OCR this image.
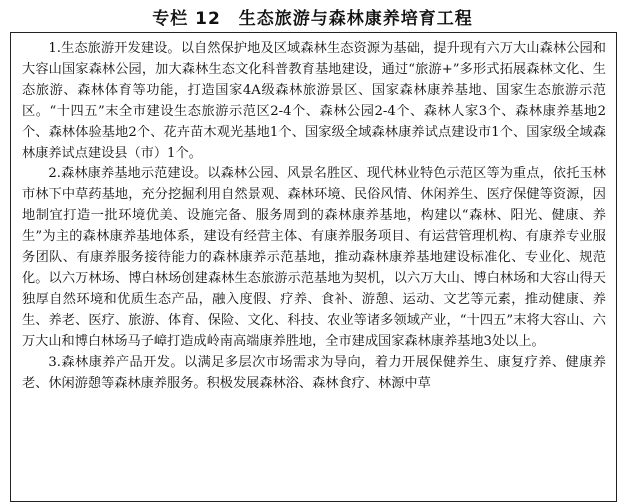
专栏 12　生态旅游与森林康养培育工程

1.生态旅游开发建设。以自然保护地及区域森林生态资源为基础，提升现有六万大山森林公园和大容山国家森林公园，加大森林生态文化科普教育基地建设，通过“旅游+”多形式拓展森林文化、生态旅游、森林体育等功能，打造国家4A级森林旅游景区、国家森林康养基地、国家生态旅游示范区。“十四五”末全市建设生态旅游示范区2-4个、森林公园2-4个、森林人家3个、森林康养基地2个、森林体验基地2个、花卉苗木观光基地1个、国家级全域森林康养试点建设市1个、国家级全域森林康养试点建设县（市）1个。

2.森林康养基地示范建设。以森林公园、风景名胜区、现代林业特色示范区等为重点，依托玉林市林下中草药基地，充分挖掘利用自然景观、森林环境、民俗风情、休闲养生、医疗保健等资源，因地制宜打造一批环境优美、设施完备、服务周到的森林康养基地，构建以“森林、阳光、健康、养生”为主的森林康养基地体系，建设有经营主体、有康养服务项目、有运营管理机构、有康养专业服务团队、有康养服务接待能力的森林康养示范基地，推动森林康养基地建设标准化、专业化、规范化。以六万林场、博白林场创建森林生态旅游示范基地为契机，以六万大山、博白林场和大容山得天独厚自然环境和优质生态产品，融入度假、疗养、食补、游憩、运动、文艺等元素，推动健康、养生、养老、医疗、旅游、体育、保险、文化、科技、农业等诸多领域产业，“十四五”末将大容山、六万大山和博白林场马子嶂打造成岭南高端康养胜地，全市建成国家森林康养基地3处以上。

3.森林康养产品开发。以满足多层次市场需求为导向，着力开展保健养生、康复疗养、健康养老、休闲游憩等森林康养服务。积极发展森林浴、森林食疗、林源中草
